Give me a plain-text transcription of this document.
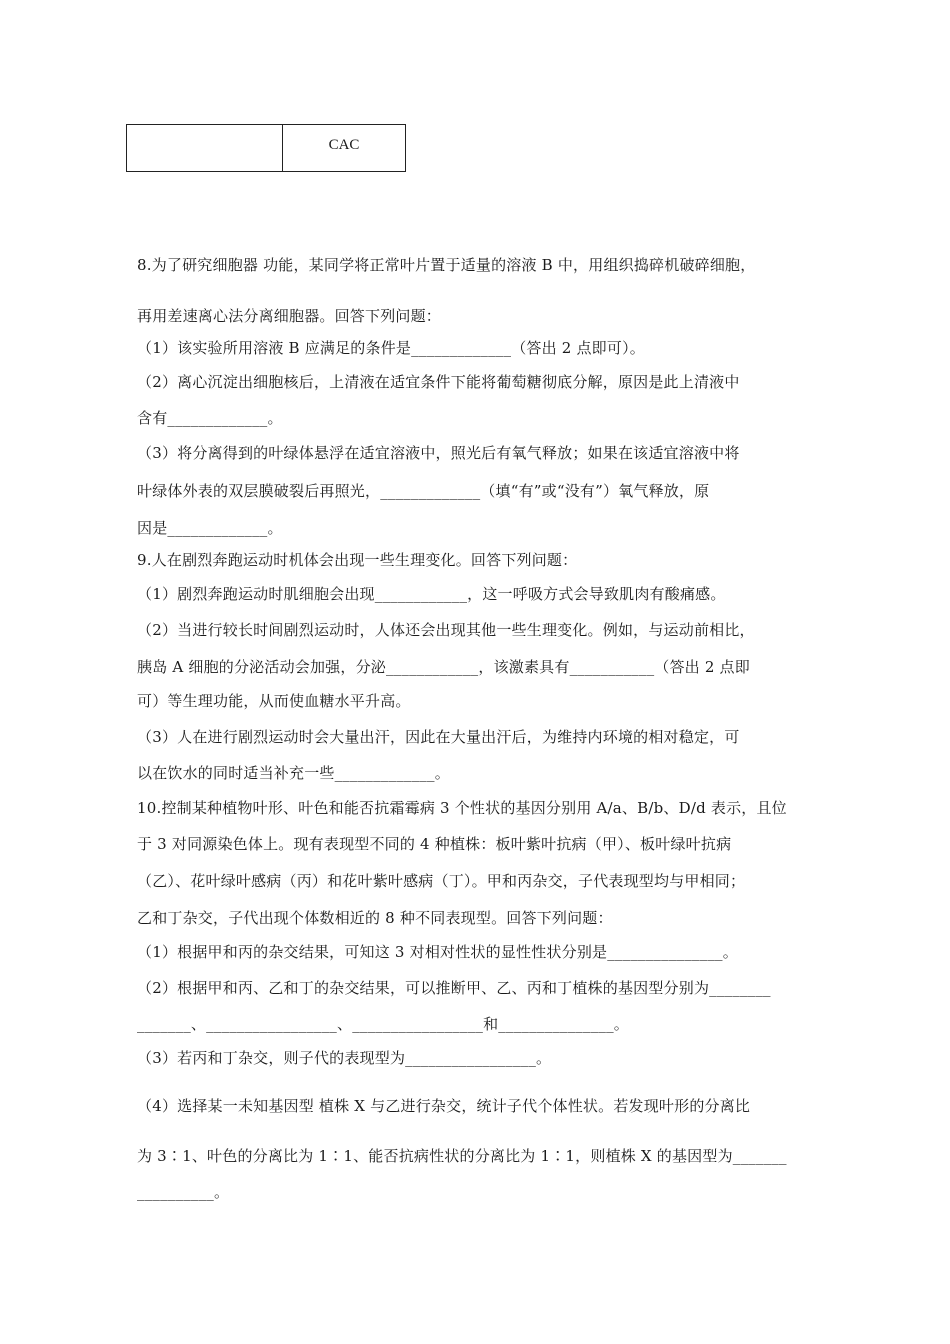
CAC
8.为了研究细胞器 功能，某同学将正常叶片置于适量的溶液 B 中，用组织捣碎机破碎细胞，
再用差速离心法分离细胞器。回答下列问题：
（1）该实验所用溶液 B 应满足的条件是_____________（答出 2 点即可）。
（2）离心沉淀出细胞核后，上清液在适宜条件下能将葡萄糖彻底分解，原因是此上清液中
含有_____________。
（3）将分离得到的叶绿体悬浮在适宜溶液中，照光后有氧气释放；如果在该适宜溶液中将
叶绿体外表的双层膜破裂后再照光，_____________（填“有”或“没有”）氧气释放，原
因是_____________。
9.人在剧烈奔跑运动时机体会出现一些生理变化。回答下列问题：
（1）剧烈奔跑运动时肌细胞会出现____________，这一呼吸方式会导致肌肉有酸痛感。
（2）当进行较长时间剧烈运动时，人体还会出现其他一些生理变化。例如，与运动前相比，
胰岛 A 细胞的分泌活动会加强，分泌____________，该激素具有___________（答出 2 点即
可）等生理功能，从而使血糖水平升高。
（3）人在进行剧烈运动时会大量出汗，因此在大量出汗后，为维持内环境的相对稳定，可
以在饮水的同时适当补充一些_____________。
10.控制某种植物叶形、叶色和能否抗霜霉病 3 个性状的基因分别用 A/a、B/b、D/d 表示，且位
于 3 对同源染色体上。现有表现型不同的 4 种植株：板叶紫叶抗病（甲）、板叶绿叶抗病
（乙）、花叶绿叶感病（丙）和花叶紫叶感病（丁）。甲和丙杂交，子代表现型均与甲相同；
乙和丁杂交，子代出现个体数相近的 8 种不同表现型。回答下列问题：
（1）根据甲和丙的杂交结果，可知这 3 对相对性状的显性性状分别是_______________。
（2）根据甲和丙、乙和丁的杂交结果，可以推断甲、乙、丙和丁植株的基因型分别为________
_______、_________________、_________________和_______________。
（3）若丙和丁杂交，则子代的表现型为_________________。
（4）选择某一未知基因型 植株 X 与乙进行杂交，统计子代个体性状。若发现叶形的分离比
为 3∶1、叶色的分离比为 1∶1、能否抗病性状的分离比为 1∶1，则植株 X 的基因型为_______
__________。
